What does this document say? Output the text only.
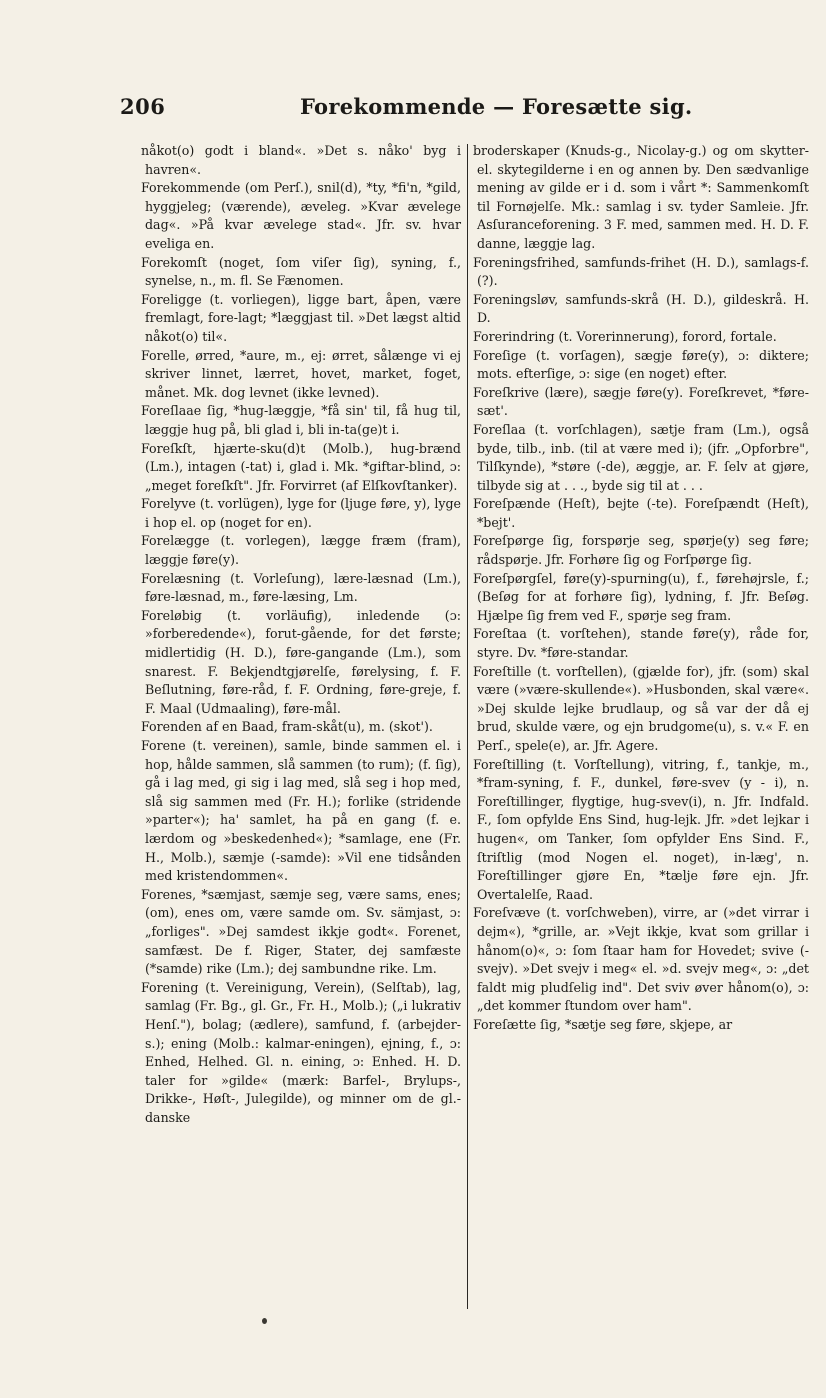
206	Forekommende — Foresætte sig.

nåkot(o) godt i bland«. »Det s. nåko' byg i havren«.

Forekommende (om Perſ.), snil(d), *ty, *fi'n, *gild, hyggjeleg; (værende), æveleg. »Kvar ævelege dag«. »På kvar ævelege stad«. Jfr. sv. hvar eveliga en.

Forekomſt (noget, ſom viſer ſig), syning, f., synelse, n., m. fl. Se Fænomen.

Foreligge (t. vorliegen), ligge bart, åpen, være fremlagt, fore-lagt; *læggjast til. »Det lægst altid nåkot(o) til«.

Forelle, ørred, *aure, m., ej: ørret, sålænge vi ej skriver linnet, lærret, hovet, market, foget, månet. Mk. dog levnet (ikke levned).

Foreſlaae ſig, *hug-læggje, *få sin' til, få hug til, læggje hug på, bli glad i, bli in-ta(ge)t i.

Foreſkſt, hjærte-sku(d)t (Molb.), hug-brænd (Lm.), intagen (-tat) i, glad i. Mk. *giftar-blind, ɔ: „meget foreſkſt". Jfr. Forvirret (af Elſkovſtanker).

Forelyve (t. vorlügen), lyge for (ljuge føre, y), lyge i hop el. op (noget for en).

Forelægge (t. vorlegen), lægge fræm (fram), læggje føre(y).

Forelæsning (t. Vorleſung), lære-læsnad (Lm.), føre-læsnad, m., føre-læsing, Lm.

Foreløbig (t. vorläufig), inledende (ɔ: »forberedende«), forut-gående, for det første; midlertidig (H. D.), føre-gangande (Lm.), som snarest. F. Bekjendtgjørelſe, førelysing, f. F. Beſlutning, føre-råd, f. F. Ordning, føre-greje, f. F. Maal (Udmaaling), føre-mål.

Forenden af en Baad, fram-skåt(u), m. (skot').

Forene (t. vereinen), samle, binde sammen el. i hop, hålde sammen, slå sammen (to rum); (f. ſig), gå i lag med, gi sig i lag med, slå seg i hop med, slå sig sammen med (Fr. H.); forlike (stridende »parter«); ha' samlet, ha på en gang (f. e. lærdom og »beskedenhed«); *samlage, ene (Fr. H., Molb.), sæmje (-samde): »Vil ene tidsånden med kristendommen«.

Forenes, *sæmjast, sæmje seg, være sams, enes; (om), enes om, være samde om. Sv. sämjast, ɔ: „forliges". »Dej samdest ikkje godt«. Forenet, samfæst. De f. Riger, Stater, dej samfæste (*samde) rike (Lm.); dej sambundne rike. Lm.

Forening (t. Vereinigung, Verein), (Selſtab), lag, samlag (Fr. Bg., gl. Gr., Fr. H., Molb.); („i lukrativ Henſ."), bolag; (ædlere), samfund, f. (arbejder-s.); ening (Molb.: kalmar-eningen), ejning, f., ɔ: Enhed, Helhed. Gl. n. eining, ɔ: Enhed. H. D. taler for »gilde« (mærk: Barfel-, Brylups-, Drikke-, Høſt-, Julegilde), og minner om de gl.-danske

broderskaper (Knuds-g., Nicolay-g.) og om skytter- el. skytegilderne i en og annen by. Den sædvanlige mening av gilde er i d. som i vårt *: Sammenkomſt til Fornøjelſe. Mk.: samlag i sv. tyder Samleie. Jfr. Asſuranceforening. 3 F. med, sammen med. H. D. F. danne, læggje lag.

Foreningsfrihed, samfunds-frihet (H. D.), samlags-f. (?).

Foreningsløv, samfunds-skrå (H. D.), gildeskrå. H. D.

Forerindring (t. Vorerinnerung), forord, fortale.

Foreſige (t. vorſagen), sægje føre(y), ɔ: diktere; mots. efterſige, ɔ: sige (en noget) efter.

Foreſkrive (lære), sægje føre(y). Foreſkrevet, *føre-sæt'.

Foreſlaa (t. vorſchlagen), sætje fram (Lm.), også byde, tilb., inb. (til at være med i); (jfr. „Opforbre", Tilſkynde), *støre (-de), æggje, ar. F. ſelv at gjøre, tilbyde sig at . . ., byde sig til at . . .

Foreſpænde (Heſt), bejte (-te). Foreſpændt (Heſt), *bejt'.

Foreſpørge ſig, forspørje seg, spørje(y) seg føre; rådspørje. Jfr. Forhøre ſig og Forſpørge ſig.

Foreſpørgſel, føre(y)-spurning(u), f., førehøjrsle, f.; (Beſøg for at forhøre ſig), lydning, f. Jfr. Beſøg. Hjælpe ſig frem ved F., spørje seg fram.

Foreſtaa (t. vorſtehen), stande føre(y), råde for, styre. Dv. *føre-standar.

Foreſtille (t. vorſtellen), (gjælde for), jfr. (som) skal være (»være-skullende«). »Husbonden, skal være«. »Dej skulde lejke brudlaup, og så var der då ej brud, skulde være, og ejn brudgome(u), s. v.« F. en Perſ., spele(e), ar. Jfr. Agere.

Foreſtilling (t. Vorſtellung), vitring, f., tankje, m., *fram-syning, f. F., dunkel, føre-svev (y - i), n. Foreſtillinger, flygtige, hug-svev(i), n. Jfr. Indfald. F., ſom opfylde Ens Sind, hug-lejk. Jfr. »det lejkar i hugen«, om Tanker, ſom opfylder Ens Sind. F., ſtriſtlig (mod Nogen el. noget), in-læg', n. Foreſtillinger gjøre En, *tælje føre ejn. Jfr. Overtalelſe, Raad.

Foreſvæve (t. vorſchweben), virre, ar (»det virrar i dejm«), *grille, ar. »Vejt ikkje, kvat som grillar i hånom(o)«, ɔ: ſom ſtaar ham for Hovedet; svive (-svejv). »Det svejv i meg« el. »d. svejv meg«, ɔ: „det faldt mig pludſelig ind". Det sviv øver hånom(o), ɔ: „det kommer ſtundom over ham".

Foreſætte ſig, *sætje seg føre, skjepe, ar
